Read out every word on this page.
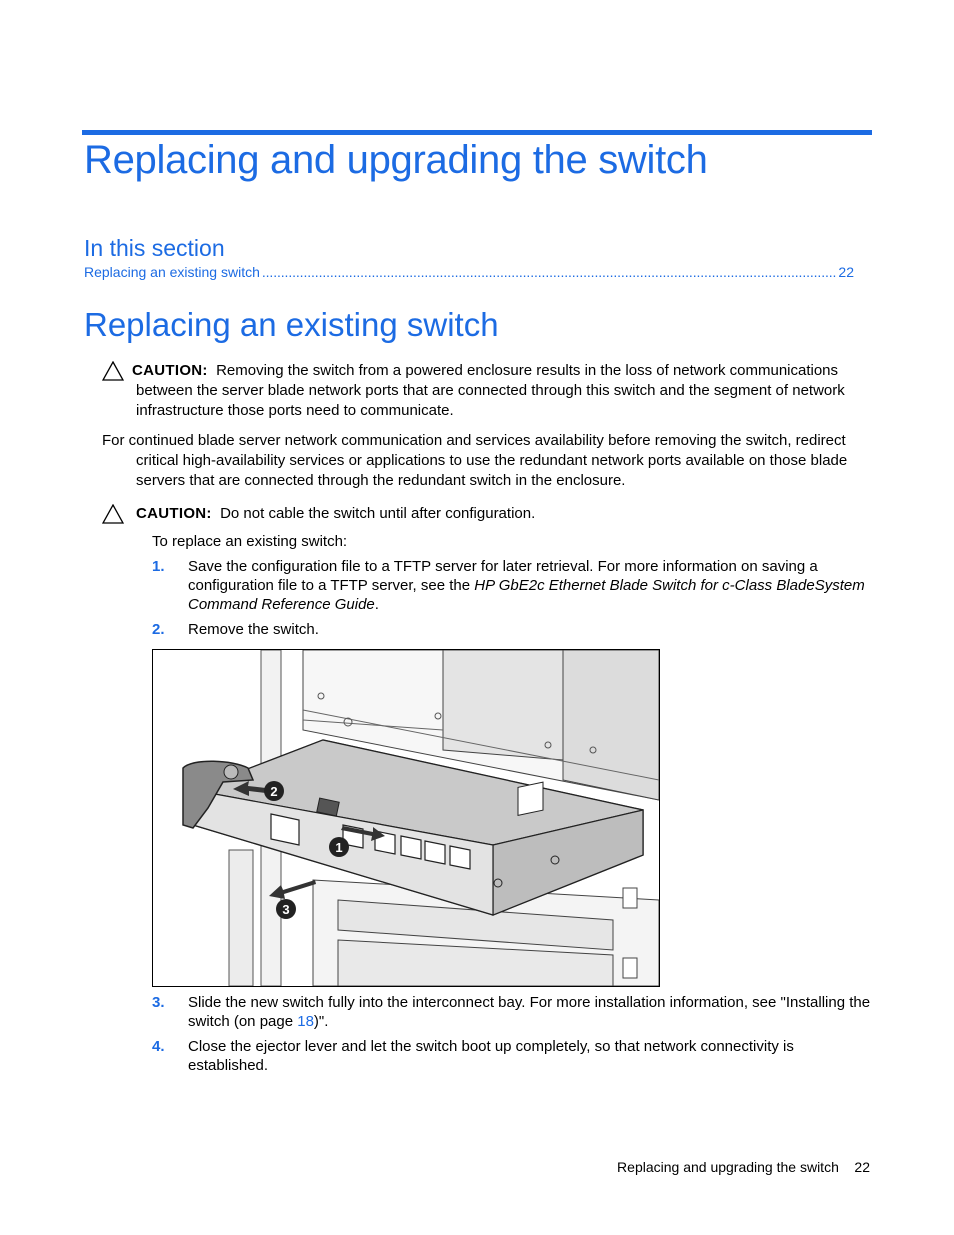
Replacing and upgrading the switch
In this section
Replacing an existing switch
. . .	22
Replacing an existing switch
CAUTION: Removing the switch from a powered enclosure results in the loss of network communications between the server blade network ports that are connected through this switch and the segment of network infrastructure those ports need to communicate.
For continued blade server network communication and services availability before removing the switch, redirect critical high-availability services or applications to use the redundant network ports available on those blade servers that are connected through the redundant switch in the enclosure.
CAUTION: Do not cable the switch until after configuration.
To replace an existing switch:
1. Save the configuration file to a TFTP server for later retrieval. For more information on saving a configuration file to a TFTP server, see the HP GbE2c Ethernet Blade Switch for c-Class BladeSystem Command Reference Guide.
2. Remove the switch.
1
2
3
3. Slide the new switch fully into the interconnect bay. For more installation information, see "Installing the switch (on page 18)".
4. Close the ejector lever and let the switch boot up completely, so that network connectivity is established.
Replacing and upgrading the switch 22
